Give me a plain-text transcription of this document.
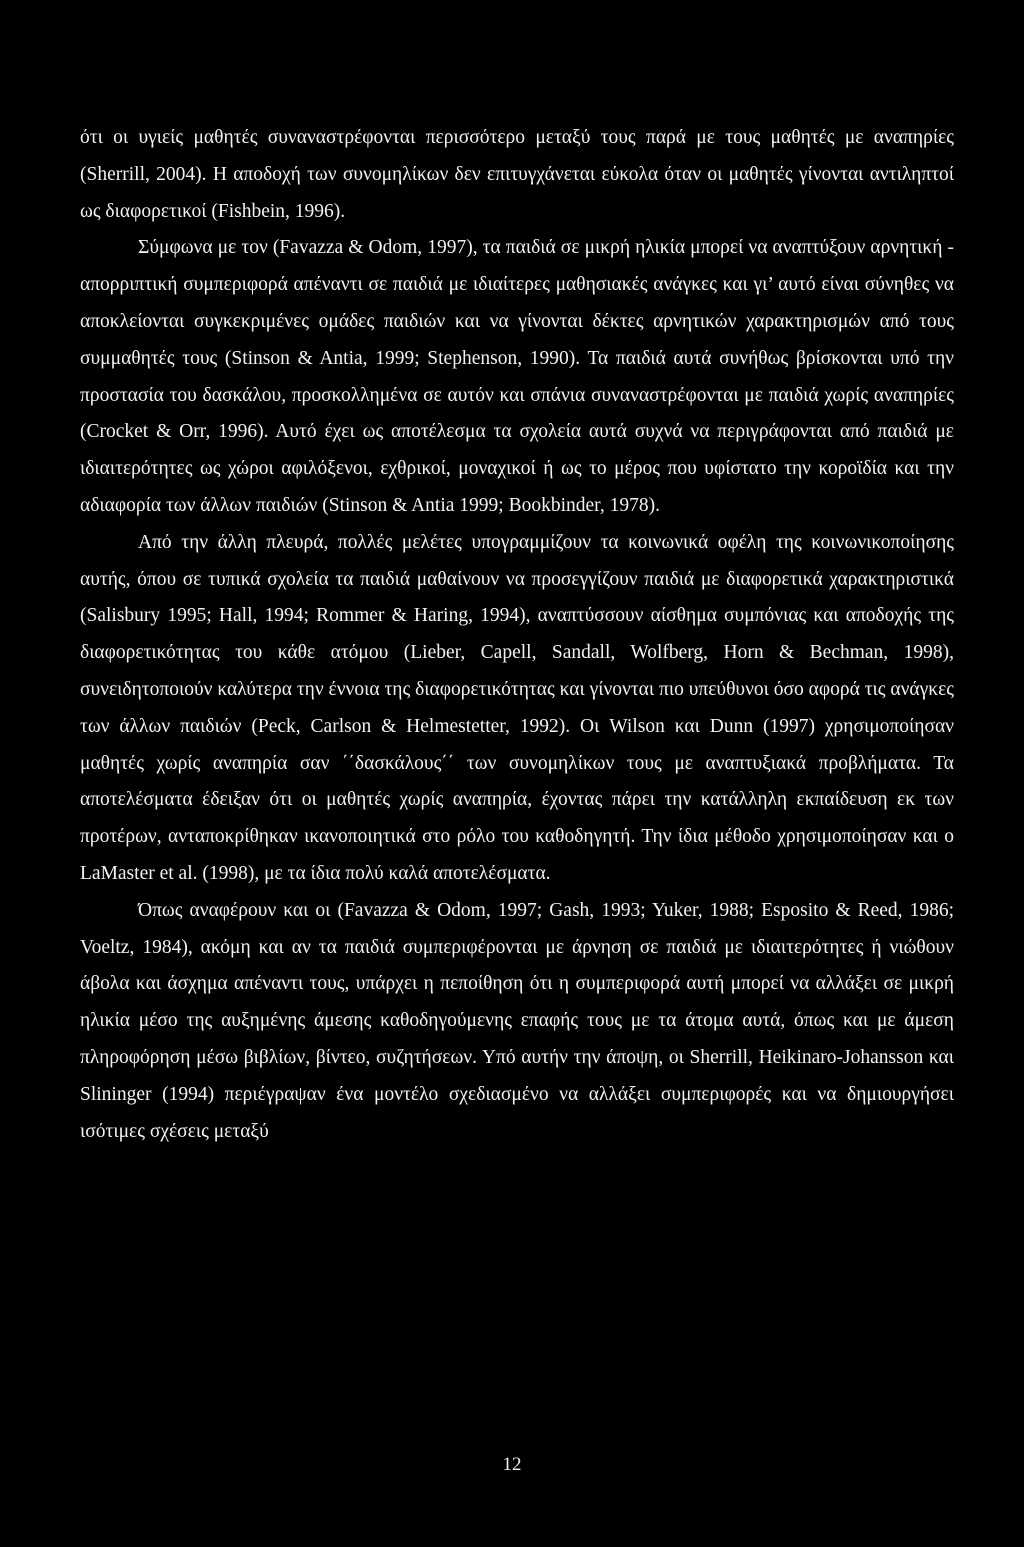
ότι οι υγιείς μαθητές συναναστρέφονται περισσότερο μεταξύ τους παρά με τους μαθητές με αναπηρίες (Sherrill, 2004). Η αποδοχή των συνομηλίκων δεν επιτυγχάνεται εύκολα όταν οι μαθητές γίνονται αντιληπτοί ως διαφορετικοί (Fishbein, 1996).

Σύμφωνα με τον (Favazza & Odom, 1997), τα παιδιά σε μικρή ηλικία μπορεί να αναπτύξουν αρνητική - απορριπτική συμπεριφορά απέναντι σε παιδιά με ιδιαίτερες μαθησιακές ανάγκες και γι’ αυτό είναι σύνηθες να αποκλείονται συγκεκριμένες ομάδες παιδιών και να γίνονται δέκτες αρνητικών χαρακτηρισμών από τους συμμαθητές τους (Stinson & Antia, 1999; Stephenson, 1990). Τα παιδιά αυτά συνήθως βρίσκονται υπό την προστασία του δασκάλου, προσκολλημένα σε αυτόν και σπάνια συναναστρέφονται με παιδιά χωρίς αναπηρίες (Crocket & Orr, 1996). Αυτό έχει ως αποτέλεσμα τα σχολεία αυτά συχνά να περιγράφονται από παιδιά με ιδιαιτερότητες ως χώροι αφιλόξενοι, εχθρικοί, μοναχικοί ή ως το μέρος που υφίστατο την κοροϊδία και την αδιαφορία των άλλων παιδιών (Stinson & Antia 1999; Bookbinder, 1978).

Από την άλλη πλευρά, πολλές μελέτες υπογραμμίζουν τα κοινωνικά οφέλη της κοινωνικοποίησης αυτής, όπου σε τυπικά σχολεία τα παιδιά μαθαίνουν να προσεγγίζουν παιδιά με διαφορετικά χαρακτηριστικά (Salisbury 1995; Hall, 1994; Rommer & Haring, 1994), αναπτύσσουν αίσθημα συμπόνιας και αποδοχής της διαφορετικότητας του κάθε ατόμου (Lieber, Capell, Sandall, Wolfberg, Horn & Bechman, 1998), συνειδητοποιούν καλύτερα την έννοια της διαφορετικότητας και γίνονται πιο υπεύθυνοι όσο αφορά τις ανάγκες των άλλων παιδιών (Peck, Carlson & Helmestetter, 1992). Οι Wilson και Dunn (1997) χρησιμοποίησαν μαθητές χωρίς αναπηρία σαν ΄΄δασκάλους΄΄ των συνομηλίκων τους με αναπτυξιακά προβλήματα. Τα αποτελέσματα έδειξαν ότι οι μαθητές χωρίς αναπηρία, έχοντας πάρει την κατάλληλη εκπαίδευση εκ των προτέρων, ανταποκρίθηκαν ικανοποιητικά στο ρόλο του καθοδηγητή. Την ίδια μέθοδο χρησιμοποίησαν και ο LaMaster et al. (1998), με τα ίδια πολύ καλά αποτελέσματα.

Όπως αναφέρουν και οι (Favazza & Odom, 1997; Gash, 1993; Yuker, 1988; Esposito & Reed, 1986; Voeltz, 1984), ακόμη και αν τα παιδιά συμπεριφέρονται με άρνηση σε παιδιά με ιδιαιτερότητες ή νιώθουν άβολα και άσχημα απέναντι τους, υπάρχει η πεποίθηση ότι η συμπεριφορά αυτή μπορεί να αλλάξει σε μικρή ηλικία μέσο της αυξημένης άμεσης καθοδηγούμενης επαφής τους με τα άτομα αυτά, όπως και με άμεση πληροφόρηση μέσω βιβλίων, βίντεο, συζητήσεων. Υπό αυτήν την άποψη, οι Sherrill, Heikinaro-Johansson και Slininger (1994) περιέγραψαν ένα μοντέλο σχεδιασμένο να αλλάξει συμπεριφορές και να δημιουργήσει ισότιμες σχέσεις μεταξύ

12
